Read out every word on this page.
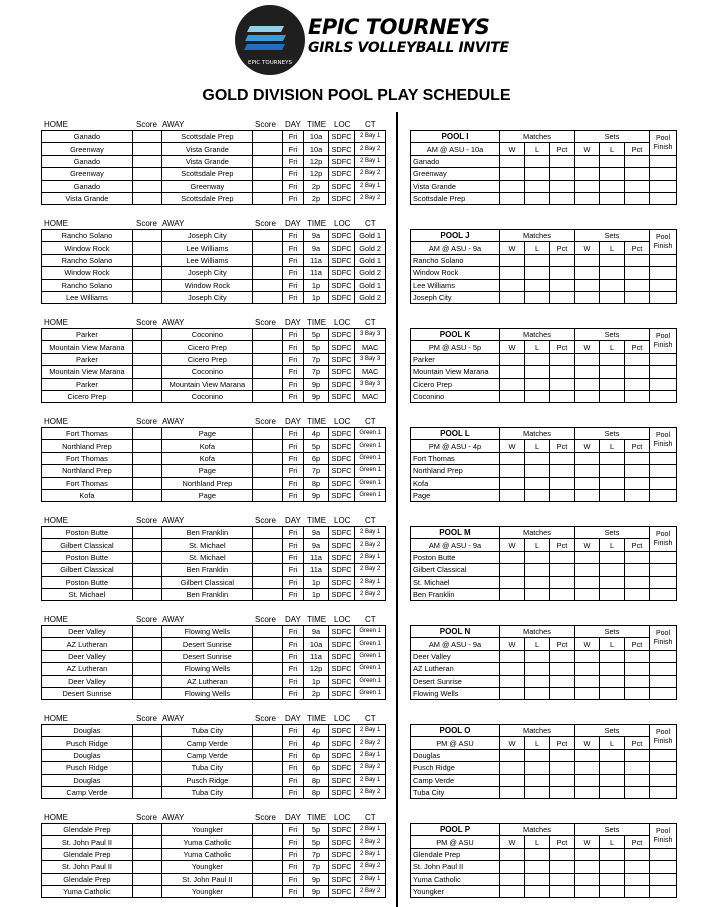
EPIC TOURNEYS
EPIC TOURNEYS
GIRLS VOLLEYBALL INVITE
GOLD DIVISION POOL PLAY SCHEDULE
HOME	Score AWAY	Score DAY TIME LOC CT
Ganado		Scottsdale Prep		Fri	10a	SDFC	2 Bay 1
Greenway		Vista Grande		Fri	10a	SDFC	2 Bay 2
Ganado		Vista Grande		Fri	12p	SDFC	2 Bay 1
Greenway		Scottsdale Prep		Fri	12p	SDFC	2 Bay 2
Ganado		Greenway		Fri	2p	SDFC	2 Bay 1
Vista Grande		Scottsdale Prep		Fri	2p	SDFC	2 Bay 2
POOL I	Matches			Sets			Pool Finish
AM @ ASU - 10a	W	L	Pct	W	L	Pct	
Ganado							
Greenway							
Vista Grande							
Scottsdale Prep							
HOME	Score AWAY	Score DAY TIME LOC CT
Rancho Solano		Joseph City		Fri	9a	SDFC	Gold 1
Window Rock		Lee Williams		Fri	9a	SDFC	Gold 2
Rancho Solano		Lee Williams		Fri	11a	SDFC	Gold 1
Window Rock		Joseph City		Fri	11a	SDFC	Gold 2
Rancho Solano		Window Rock		Fri	1p	SDFC	Gold 1
Lee Williams		Joseph City		Fri	1p	SDFC	Gold 2
POOL J	Matches			Sets			Pool Finish
AM @ ASU - 9a	W	L	Pct	W	L	Pct	
Rancho Solano							
Window Rock							
Lee Williams							
Joseph City							
HOME	Score AWAY	Score DAY TIME LOC CT
Parker		Coconino		Fri	5p	SDFC	3 Bay 3
Mountain View Marana		Cicero Prep		Fri	5p	SDFC	MAC
Parker		Cicero Prep		Fri	7p	SDFC	3 Bay 3
Mountain View Marana		Coconino		Fri	7p	SDFC	MAC
Parker		Mountain View Marana		Fri	9p	SDFC	3 Bay 3
Cicero Prep		Coconino		Fri	9p	SDFC	MAC
POOL K	Matches			Sets			Pool Finish
PM @ ASU - 5p	W	L	Pct	W	L	Pct	
Parker							
Mountain View Marana							
Cicero Prep							
Coconino							
HOME	Score AWAY	Score DAY TIME LOC CT
Fort Thomas		Page		Fri	4p	SDFC	Green 1
Northland Prep		Kofa		Fri	5p	SDFC	Green 1
Fort Thomas		Kofa		Fri	6p	SDFC	Green 1
Northland Prep		Page		Fri	7p	SDFC	Green 1
Fort Thomas		Northland Prep		Fri	8p	SDFC	Green 1
Kofa		Page		Fri	9p	SDFC	Green 1
POOL L	Matches			Sets			Pool Finish
PM @ ASU - 4p	W	L	Pct	W	L	Pct	
Fort Thomas							
Northland Prep							
Kofa							
Page							
HOME	Score AWAY	Score DAY TIME LOC CT
Poston Butte		Ben Franklin		Fri	9a	SDFC	2 Bay 1
Gilbert Classical		St. Michael		Fri	9a	SDFC	2 Bay 2
Poston Butte		St. Michael		Fri	11a	SDFC	2 Bay 1
Gilbert Classical		Ben Franklin		Fri	11a	SDFC	2 Bay 2
Poston Butte		Gilbert Classical		Fri	1p	SDFC	2 Bay 1
St. Michael		Ben Franklin		Fri	1p	SDFC	2 Bay 2
POOL M	Matches			Sets			Pool Finish
AM @ ASU - 9a	W	L	Pct	W	L	Pct	
Poston Butte							
Gilbert Classical							
St. Michael							
Ben Franklin							
HOME	Score AWAY	Score DAY TIME LOC CT
Deer Valley		Flowing Wells		Fri	9a	SDFC	Green 1
AZ Lutheran		Desert Sunrise		Fri	10a	SDFC	Green 1
Deer Valley		Desert Sunrise		Fri	11a	SDFC	Green 1
AZ Lutheran		Flowing Wells		Fri	12p	SDFC	Green 1
Deer Valley		AZ Lutheran		Fri	1p	SDFC	Green 1
Desert Sunrise		Flowing Wells		Fri	2p	SDFC	Green 1
POOL N	Matches			Sets			Pool Finish
AM @ ASU - 9a	W	L	Pct	W	L	Pct	
Deer Valley							
AZ Lutheran							
Desert Sunrise							
Flowing Wells							
HOME	Score AWAY	Score DAY TIME LOC CT
Douglas		Tuba City		Fri	4p	SDFC	2 Bay 1
Pusch Ridge		Camp Verde		Fri	4p	SDFC	2 Bay 2
Douglas		Camp Verde		Fri	6p	SDFC	2 Bay 1
Pusch Ridge		Tuba City		Fri	6p	SDFC	2 Bay 2
Douglas		Pusch Ridge		Fri	8p	SDFC	2 Bay 1
Camp Verde		Tuba City		Fri	8p	SDFC	2 Bay 2
POOL O	Matches			Sets			Pool Finish
PM @ ASU	W	L	Pct	W	L	Pct	
Douglas							
Pusch Ridge							
Camp Verde							
Tuba City							
HOME	Score AWAY	Score DAY TIME LOC CT
Glendale Prep		Youngker		Fri	5p	SDFC	2 Bay 1
St. John Paul II		Yuma Catholic		Fri	5p	SDFC	2 Bay 2
Glendale Prep		Yuma Catholic		Fri	7p	SDFC	2 Bay 1
St. John Paul II		Youngker		Fri	7p	SDFC	2 Bay 2
Glendale Prep		St. John Paul II		Fri	9p	SDFC	2 Bay 1
Yuma Catholic		Youngker		Fri	9p	SDFC	2 Bay 2
POOL P	Matches			Sets			Pool Finish
PM @ ASU	W	L	Pct	W	L	Pct	
Glendale Prep							
St. John Paul II							
Yuma Catholic							
Youngker							
